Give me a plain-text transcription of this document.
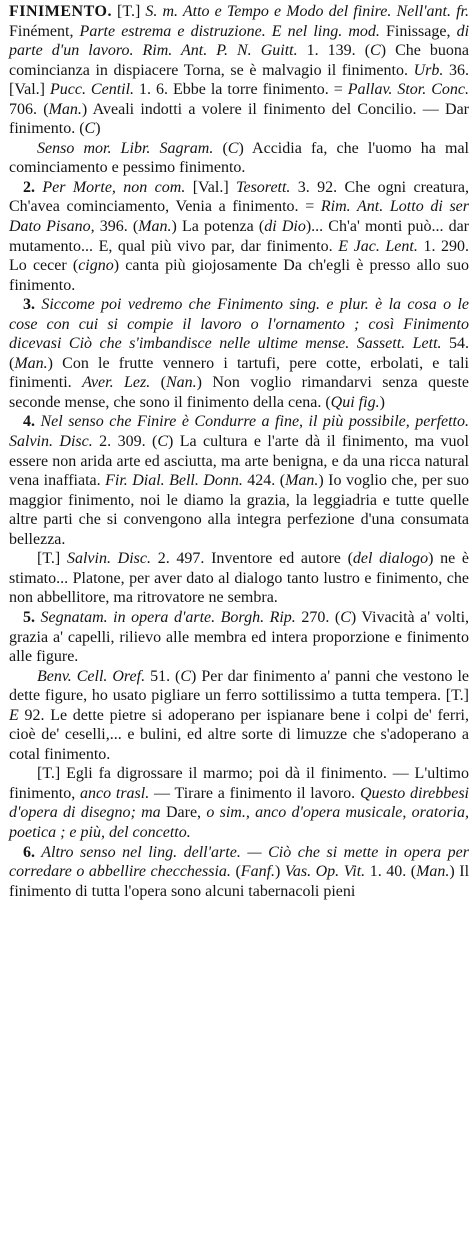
FINIMENTO. [T.] S. m. Atto e Tempo e Modo del finire. Nell'ant. fr. Finément, Parte estrema e distruzione. E nel ling. mod. Finissage, di parte d'un lavoro. Rim. Ant. P. N. Guitt. 1. 139. (C) Che buona comincianza in dispiacere Torna, se è malvagio il finimento. Urb. 36. [Val.] Pucc. Centil. 1. 6. Ebbe la torre finimento. = Pallav. Stor. Conc. 706. (Man.) Aveali indotti a volere il finimento del Concilio. — Dar finimento. (C)

Senso mor. Libr. Sagram. (C) Accidia fa, che l'uomo ha mal cominciamento e pessimo finimento.

2. Per Morte, non com. [Val.] Tesorett. 3. 92. Che ogni creatura, Ch'avea cominciamento, Venia a finimento. = Rim. Ant. Lotto di ser Dato Pisano, 396. (Man.) La potenza (di Dio)... Ch'a' monti può... dar mutamento... E, qual più vivo par, dar finimento. E Jac. Lent. 1. 290. Lo cecer (cigno) canta più giojosamente Da ch'egli è presso allo suo finimento.

3. Siccome poi vedremo che Finimento sing. e plur. è la cosa o le cose con cui si compie il lavoro o l'ornamento ; così Finimento dicevasi Ciò che s'imbandisce nelle ultime mense. Sassett. Lett. 54. (Man.) Con le frutte vennero i tartufi, pere cotte, erbolati, e tali finimenti. Aver. Lez. (Nan.) Non voglio rimandarvi senza queste seconde mense, che sono il finimento della cena. (Qui fig.)

4. Nel senso che Finire è Condurre a fine, il più possibile, perfetto. Salvin. Disc. 2. 309. (C) La cultura e l'arte dà il finimento, ma vuol essere non arida arte ed asciutta, ma arte benigna, e da una ricca natural vena inaffiata. Fir. Dial. Bell. Donn. 424. (Man.) Io voglio che, per suo maggior finimento, noi le diamo la grazia, la leggiadria e tutte quelle altre parti che si convengono alla integra perfezione d'una consumata bellezza.

[T.] Salvin. Disc. 2. 497. Inventore ed autore (del dialogo) ne è stimato... Platone, per aver dato al dialogo tanto lustro e finimento, che non abbellitore, ma ritrovatore ne sembra.

5. Segnatam. in opera d'arte. Borgh. Rip. 270. (C) Vivacità a' volti, grazia a' capelli, rilievo alle membra ed intera proporzione e finimento alle figure.

Benv. Cell. Oref. 51. (C) Per dar finimento a' panni che vestono le dette figure, ho usato pigliare un ferro sottilissimo a tutta tempera. [T.] E 92. Le dette pietre si adoperano per ispianare bene i colpi de' ferri, cioè de' ceselli,... e bulini, ed altre sorte di limuzze che s'adoperano a cotal finimento.

[T.] Egli fa digrossare il marmo; poi dà il finimento. — L'ultimo finimento, anco trasl. — Tirare a finimento il lavoro. Questo direbbesi d'opera di disegno; ma Dare, o sim., anco d'opera musicale, oratoria, poetica ; e più, del concetto.

6. Altro senso nel ling. dell'arte. — Ciò che si mette in opera per corredare o abbellire checchessia. (Fanf.) Vas. Op. Vit. 1. 40. (Man.) Il finimento di tutta l'opera sono alcuni tabernacoli pieni
